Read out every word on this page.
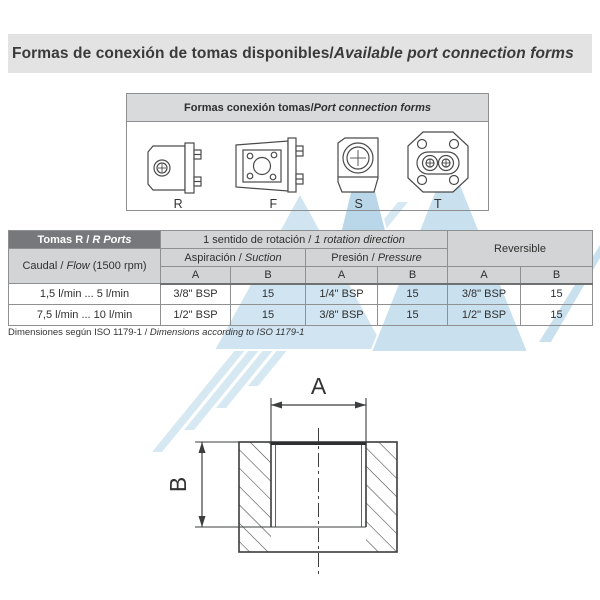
Formas de conexión de tomas disponibles / Available port connection forms
Formas conexión tomas / Port connection forms
R	F	S	T
Tomas R / R Ports	1 sentido de rotación / 1 rotation direction				Reversible	
Caudal / Flow (1500 rpm)	Aspiración / Suction		Presión / Pressure			
	A	B	A	B	A	B
1,5 l/min ... 5 l/min	3/8" BSP	15	1/4" BSP	15	3/8" BSP	15
7,5 l/min ... 10 l/min	1/2" BSP	15	3/8" BSP	15	1/2" BSP	15
Dimensiones según ISO 1179-1 / Dimensions according to ISO 1179-1
A
B
